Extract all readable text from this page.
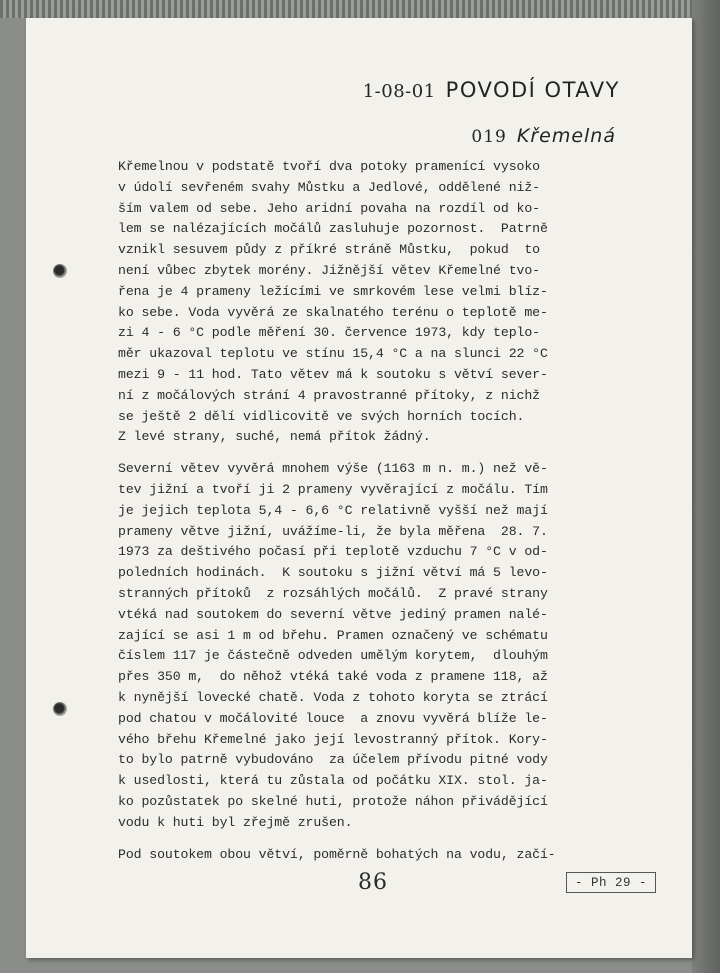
1-08-01 POVODÍ OTAVY
019 Křemelná
Křemelnou v podstatě tvoří dva potoky pramenící vysoko
v údolí sevřeném svahy Můstku a Jedlové, oddělené niž-
ším valem od sebe. Jeho aridní povaha na rozdíl od ko-
lem se nalézajících močálů zasluhuje pozornost.  Patrně
vznikl sesuvem půdy z příkré stráně Můstku,  pokud  to
není vůbec zbytek morény. Jižnější větev Křemelné tvo-
řena je 4 prameny ležícími ve smrkovém lese velmi blíz-
ko sebe. Voda vyvěrá ze skalnatého terénu o teplotě me-
zi 4 - 6 °C podle měření 30. července 1973, kdy teplo-
měr ukazoval teplotu ve stínu 15,4 °C a na slunci 22 °C
mezi 9 - 11 hod. Tato větev má k soutoku s větví sever-
ní z močálových strání 4 pravostranné přítoky, z nichž
se ještě 2 dělí vidlicovitě ve svých horních tocích.
Z levé strany, suché, nemá přítok žádný.
Severní větev vyvěrá mnohem výše (1163 m n. m.) než vě-
tev jižní a tvoří ji 2 prameny vyvěrající z močálu. Tím
je jejich teplota 5,4 - 6,6 °C relativně vyšší než mají
prameny větve jižní, uvážíme-li, že byla měřena  28. 7.
1973 za deštivého počasí při teplotě vzduchu 7 °C v od-
poledních hodinách.  K soutoku s jižní větví má 5 levo-
stranných přítoků  z rozsáhlých močálů.  Z pravé strany
vtéká nad soutokem do severní větve jediný pramen nalé-
zající se asi 1 m od břehu. Pramen označený ve schématu
číslem 117 je částečně odveden umělým korytem,  dlouhým
přes 350 m,  do něhož vtéká také voda z pramene 118, až
k nynější lovecké chatě. Voda z tohoto koryta se ztrácí
pod chatou v močálovité louce  a znovu vyvěrá blíže le-
vého břehu Křemelné jako její levostranný přítok. Kory-
to bylo patrně vybudováno  za účelem přívodu pitné vody
k usedlosti, která tu zůstala od počátku XIX. stol. ja-
ko pozůstatek po skelné huti, protože náhon přivádějící
vodu k huti byl zřejmě zrušen.
Pod soutokem obou větví, poměrně bohatých na vodu, začí-
86	- Ph 29 -
